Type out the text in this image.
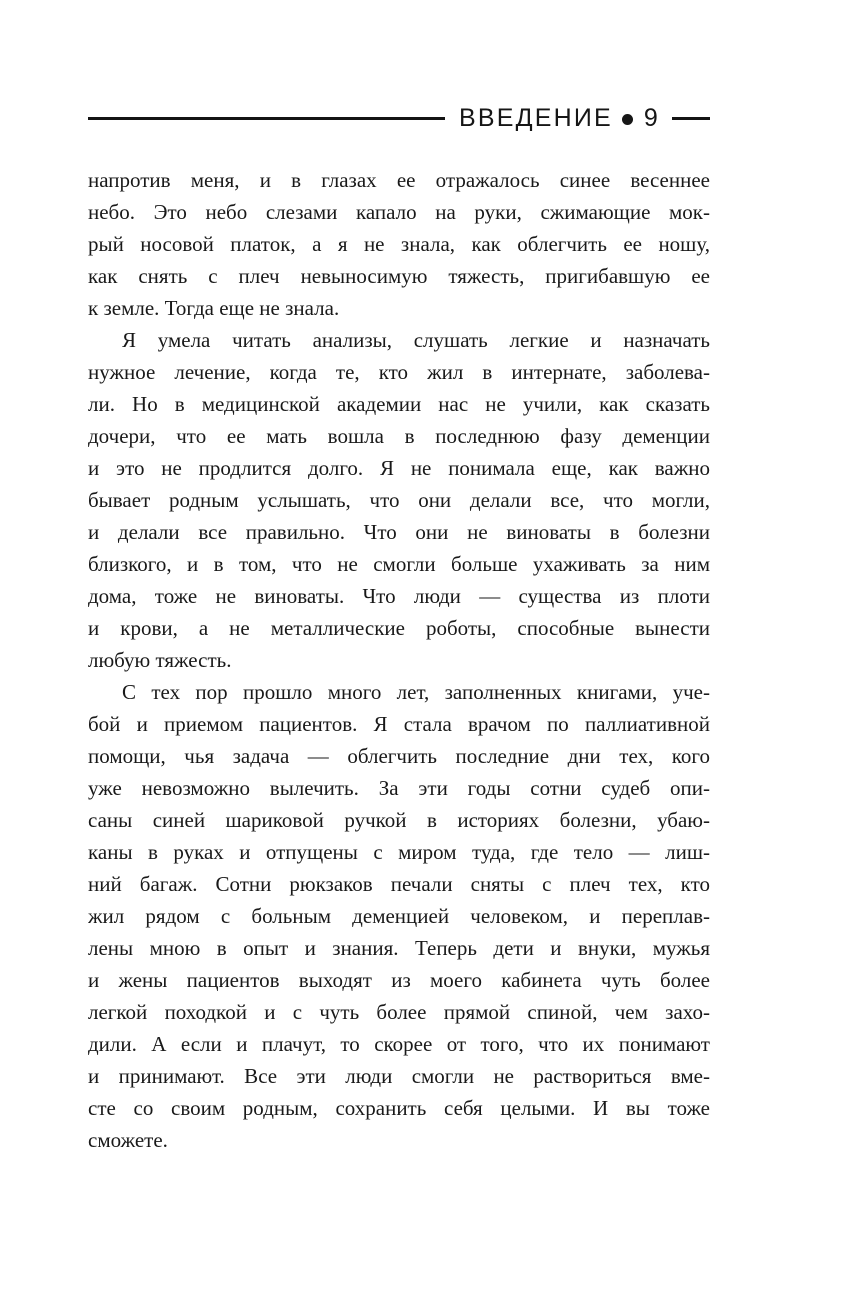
ВВЕДЕНИЕ 9
напротив меня, и в глазах ее отражалось синее весеннее
небо. Это небо слезами капало на руки, сжимающие мок-
рый носовой платок, а я не знала, как облегчить ее ношу,
как снять с плеч невыносимую тяжесть, пригибавшую ее
к земле. Тогда еще не знала.
Я умела читать анализы, слушать легкие и назначать
нужное лечение, когда те, кто жил в интернате, заболева-
ли. Но в медицинской академии нас не учили, как сказать
дочери, что ее мать вошла в последнюю фазу деменции
и это не продлится долго. Я не понимала еще, как важно
бывает родным услышать, что они делали все, что могли,
и делали все правильно. Что они не виноваты в болезни
близкого, и в том, что не смогли больше ухаживать за ним
дома, тоже не виноваты. Что люди — существа из плоти
и крови, а не металлические роботы, способные вынести
любую тяжесть.
С тех пор прошло много лет, заполненных книгами, уче-
бой и приемом пациентов. Я стала врачом по паллиативной
помощи, чья задача — облегчить последние дни тех, кого
уже невозможно вылечить. За эти годы сотни судеб опи-
саны синей шариковой ручкой в историях болезни, убаю-
каны в руках и отпущены с миром туда, где тело — лиш-
ний багаж. Сотни рюкзаков печали сняты с плеч тех, кто
жил рядом с больным деменцией человеком, и переплав-
лены мною в опыт и знания. Теперь дети и внуки, мужья
и жены пациентов выходят из моего кабинета чуть более
легкой походкой и с чуть более прямой спиной, чем захо-
дили. А если и плачут, то скорее от того, что их понимают
и принимают. Все эти люди смогли не раствориться вме-
сте со своим родным, сохранить себя целыми. И вы тоже
сможете.
